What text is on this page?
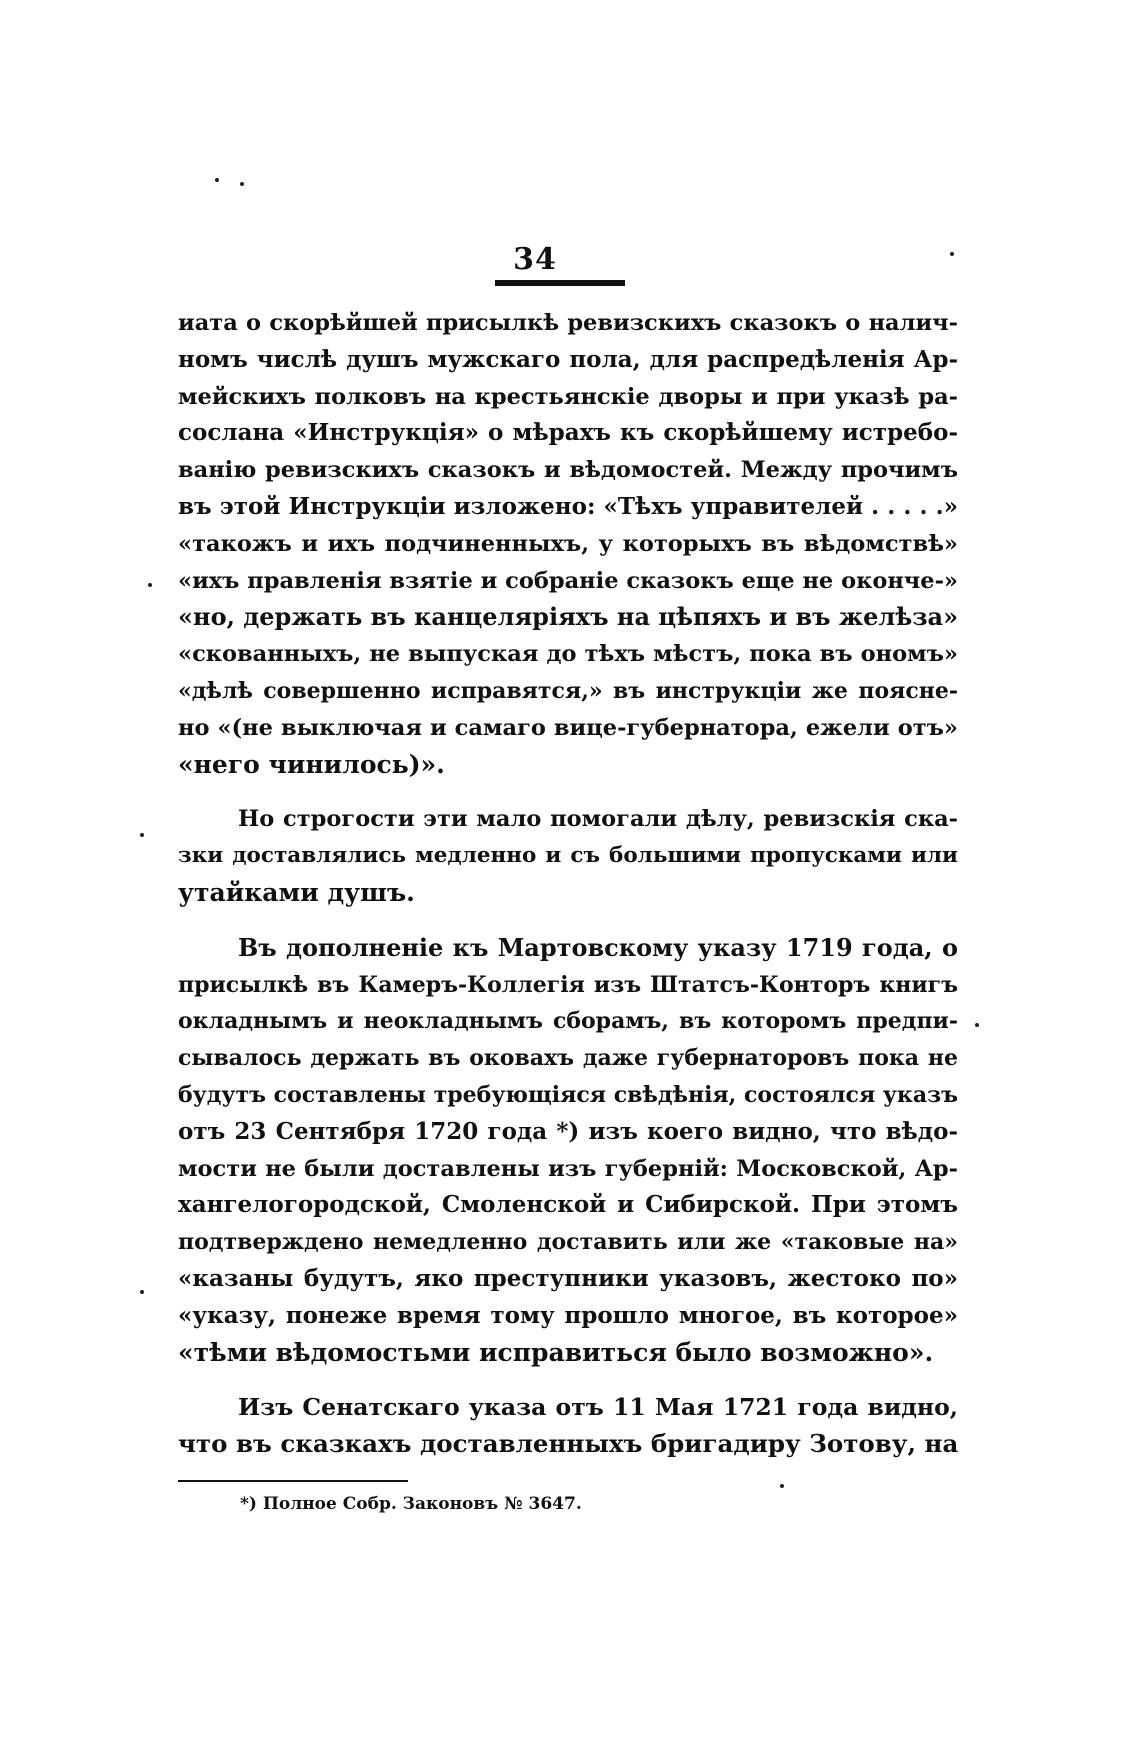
34
иата о скорѣйшей присылкѣ ревизскихъ сказокъ о налич-
номъ числѣ душъ мужскаго пола, для распредѣленія Ар-
мейскихъ полковъ на крестьянскіе дворы и при указѣ ра-
сослана «Инструкція» о мѣрахъ къ скорѣйшему истребо-
ванію ревизскихъ сказокъ и вѣдомостей. Между прочимъ
въ этой Инструкціи изложено: «Тѣхъ управителей . . . . .»
«такожъ и ихъ подчиненныхъ, у которыхъ въ вѣдомствѣ»
«ихъ правленія взятіе и собраніе сказокъ еще не оконче-»
«но, держать въ канцеляріяхъ на цѣпяхъ и въ желѣза»
«скованныхъ, не выпуская до тѣхъ мѣстъ, пока въ ономъ»
«дѣлѣ совершенно исправятся,» въ инструкціи же поясне-
но «(не выключая и самаго вице-губернатора, ежели отъ»
«него чинилось)».
Но строгости эти мало помогали дѣлу, ревизскія ска-
зки доставлялись медленно и съ большими пропусками или
утайками душъ.
Въ дополненіе къ Мартовскому указу 1719 года, о
присылкѣ въ Камеръ-Коллегія изъ Штатсъ-Конторъ книгъ
окладнымъ и неокладнымъ сборамъ, въ которомъ предпи-
сывалось держать въ оковахъ даже губернаторовъ пока не
будутъ составлены требующіяся свѣдѣнія, состоялся указъ
отъ 23 Сентября 1720 года *) изъ коего видно, что вѣдо-
мости не были доставлены изъ губерній: Московской, Ар-
хангелогородской, Смоленской и Сибирской. При этомъ
подтверждено немедленно доставить или же «таковые на»
«казаны будутъ, яко преступники указовъ, жестоко по»
«указу, понеже время тому прошло многое, въ которое»
«тѣми вѣдомостьми исправиться было возможно».
Изъ Сенатскаго указа отъ 11 Мая 1721 года видно,
что въ сказкахъ доставленныхъ бригадиру Зотову, на
*) Полное Собр. Законовъ № 3647.
